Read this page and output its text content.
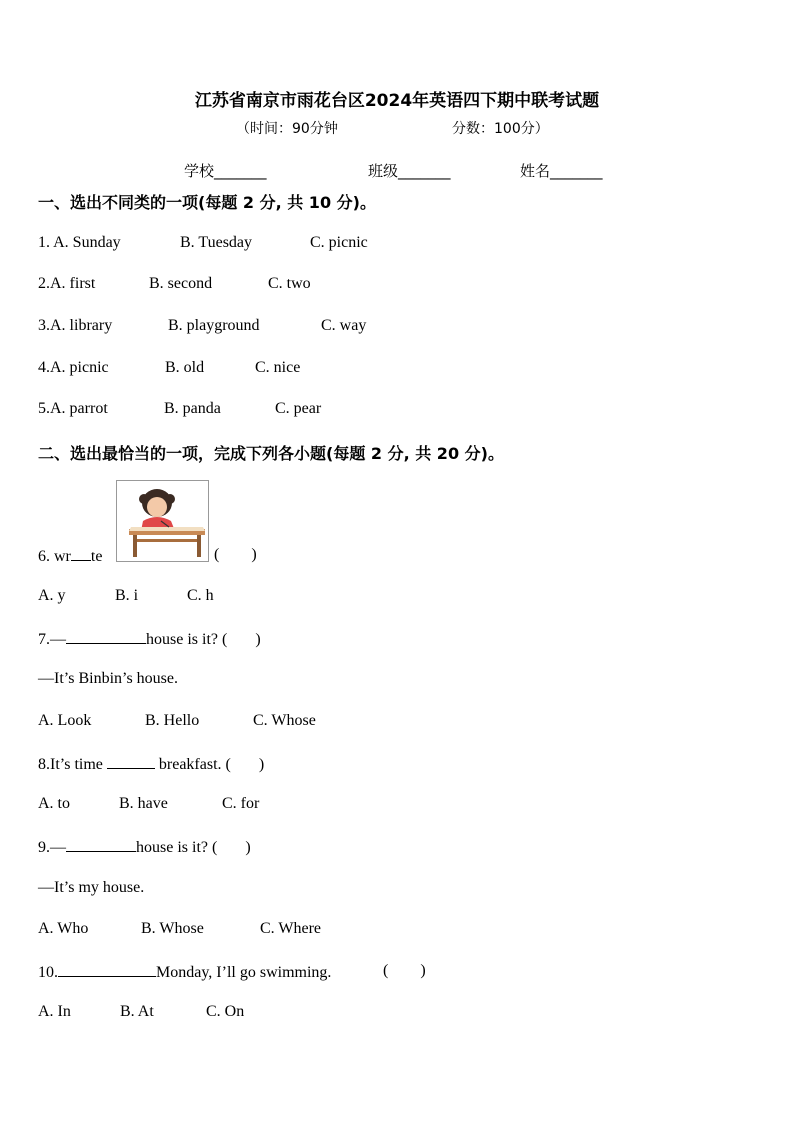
江苏省南京市雨花台区2024年英语四下期中联考试题
（时间：90分钟	分数：100分）
学校_______	班级_______	姓名_______
一、选出不同类的一项(每题 2 分, 共 10 分)。
1. A. Sunday	B. Tuesday	C. picnic
2.A. first	B. second	C. two
3.A. library	B. playground	C. way
4.A. picnic	B. old	C. nice
5.A. parrot	B. panda	C. pear
二、选出最恰当的一项，完成下列各小题(每题 2 分, 共 20 分)。
6. wr te	(        )
A. y	B. i	C. h
7.—	house is it? (       )
—It’s Binbin’s house.
A. Look	B. Hello	C. Whose
8.It’s time	breakfast. (       )
A. to	B. have	C. for
9.—	house is it? (       )
—It’s my house.
A. Who	B. Whose	C. Where
10.	Monday, I’ll go swimming.	(        )
A. In	B. At	C. On
